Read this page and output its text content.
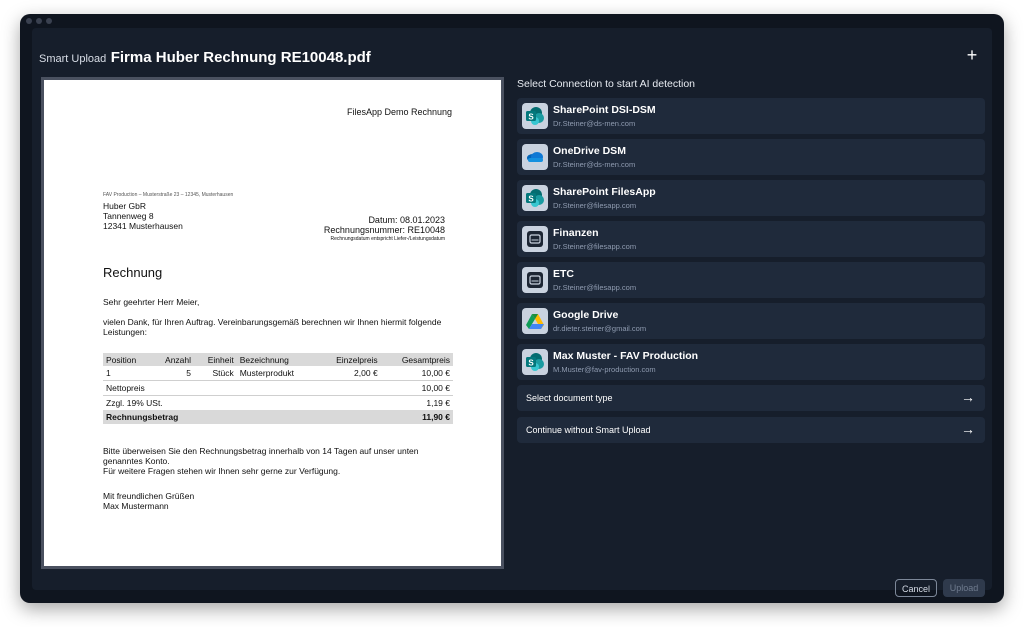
Smart Upload Firma Huber Rechnung RE10048.pdf	+
FilesApp Demo Rechnung
FAV Production – Musterstraße 23 – 12345, Musterhausen
Huber GbR
Tannenweg 8
12341 Musterhausen
Datum: 08.01.2023
Rechnungsnummer: RE10048
Rechnungsdatum entspricht Liefer-/Leistungsdatum
Rechnung
Sehr geehrter Herr Meier,
vielen Dank, für Ihren Auftrag. Vereinbarungsgemäß berechnen wir Ihnen hiermit folgende
Leistungen:
Position	Anzahl	Einheit	Bezeichnung	Einzelpreis	Gesamtpreis
1	5	Stück	Musterprodukt	2,00 €	10,00 €
Nettopreis					10,00 €
Zzgl. 19% USt.					1,19 €
Rechnungsbetrag					11,90 €
Bitte überweisen Sie den Rechnungsbetrag innerhalb von 14 Tagen auf unser unten
genanntes Konto.
Für weitere Fragen stehen wir Ihnen sehr gerne zur Verfügung.
Mit freundlichen Grüßen
Max Mustermann
Select Connection to start AI detection
S
SharePoint DSI-DSM
Dr.Steiner@ds-men.com
OneDrive DSM
Dr.Steiner@ds-men.com
S
SharePoint FilesApp
Dr.Steiner@filesapp.com
Finanzen
Dr.Steiner@filesapp.com
ETC
Dr.Steiner@filesapp.com
Google Drive
dr.dieter.steiner@gmail.com
S
Max Muster - FAV Production
M.Muster@fav-production.com
Select document type	→
Continue without Smart Upload	→
Cancel	Upload
